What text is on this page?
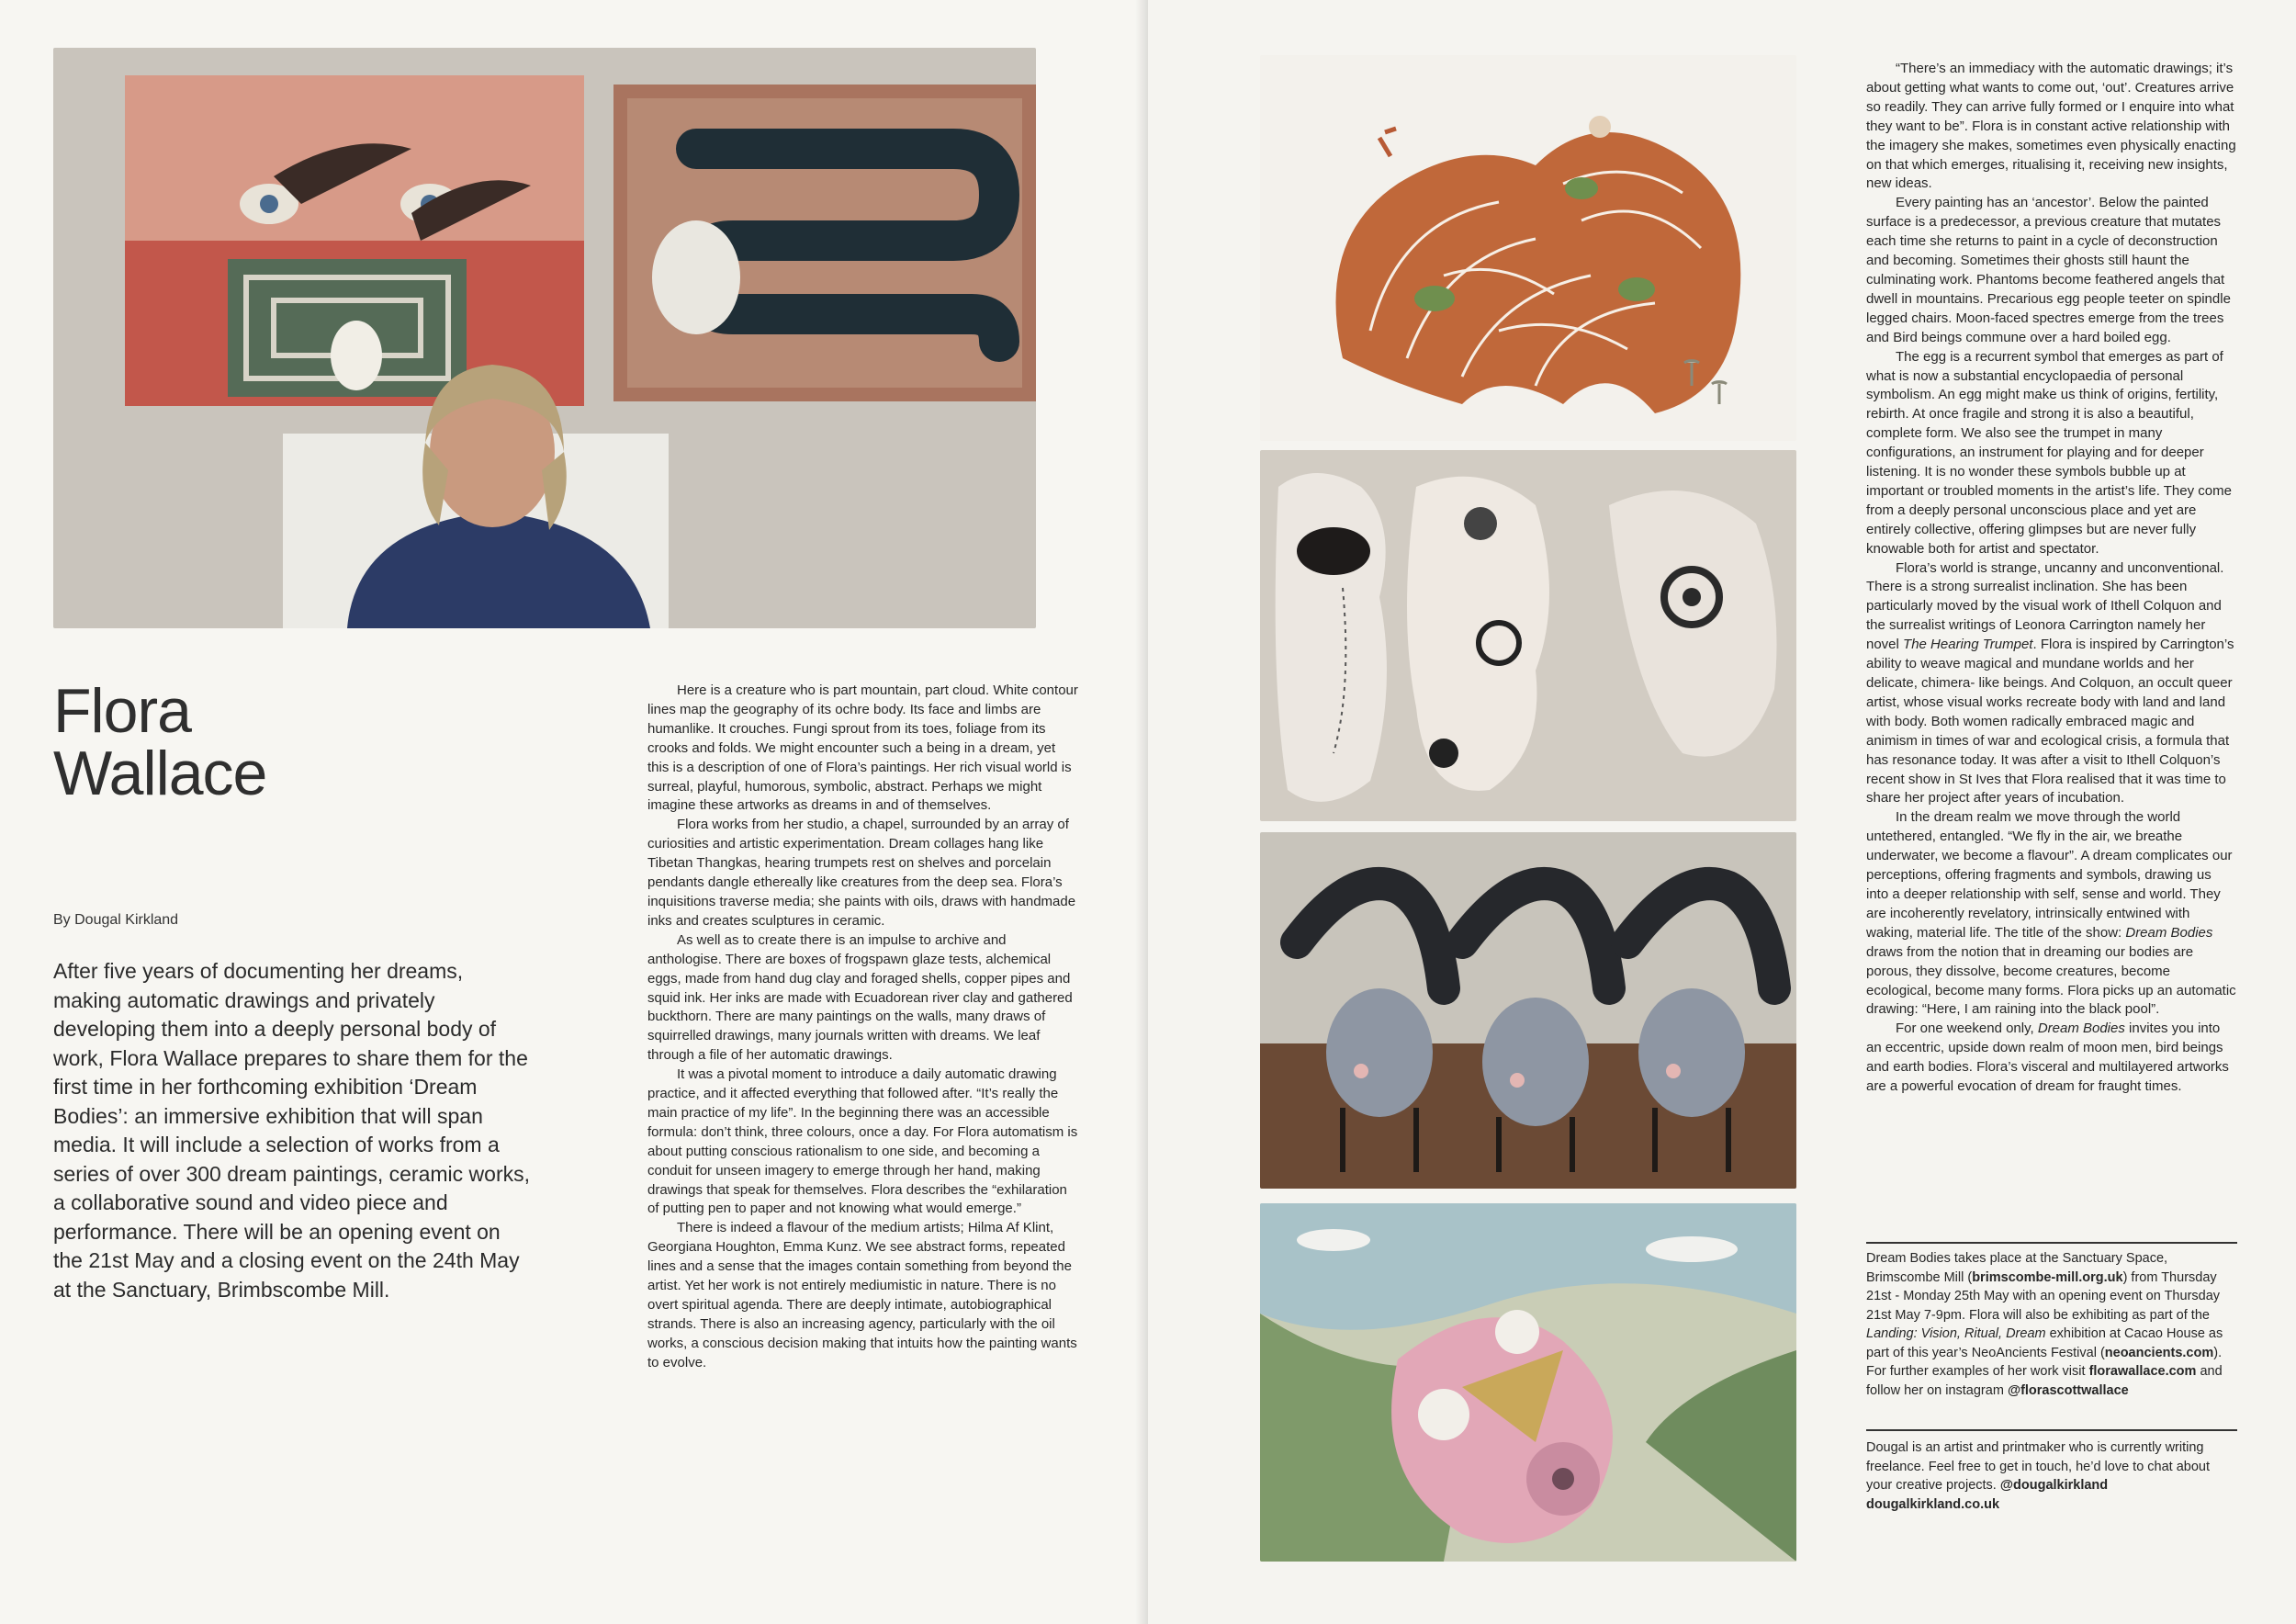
Flora
Wallace
By Dougal Kirkland
After five years of documenting her dreams, making automatic drawings and privately developing them into a deeply personal body of work, Flora Wallace prepares to share them for the first time in her forthcoming exhibition ‘Dream Bodies’: an immersive exhibition that will span media. It will include a selection of works from a series of over 300 dream paintings, ceramic works, a collaborative sound and video piece and performance. There will be an opening event on the 21st May and a closing event on the 24th May at the Sanctuary, Brimbscombe Mill.

Here is a creature who is part mountain, part cloud. White contour lines map the geography of its ochre body. Its face and limbs are humanlike. It crouches. Fungi sprout from its toes, foliage from its crooks and folds. We might encounter such a being in a dream, yet this is a description of one of Flora’s paintings. Her rich visual world is surreal, playful, humorous, symbolic, abstract. Perhaps we might imagine these artworks as dreams in and of themselves.

Flora works from her studio, a chapel, surrounded by an array of curiosities and artistic experimentation. Dream collages hang like Tibetan Thangkas, hearing trumpets rest on shelves and porcelain pendants dangle ethereally like creatures from the deep sea. Flora’s inquisitions traverse media; she paints with oils, draws with handmade inks and creates sculptures in ceramic.

As well as to create there is an impulse to archive and anthologise. There are boxes of frogspawn glaze tests, alchemical eggs, made from hand dug clay and foraged shells, copper pipes and squid ink. Her inks are made with Ecuadorean river clay and gathered buckthorn. There are many paintings on the walls, many draws of squirrelled drawings, many journals written with dreams. We leaf through a file of her automatic drawings.

It was a pivotal moment to introduce a daily automatic drawing practice, and it affected everything that followed after. “It’s really the main practice of my life”. In the beginning there was an accessible formula: don’t think, three colours, once a day. For Flora automatism is about putting conscious rationalism to one side, and becoming a conduit for unseen imagery to emerge through her hand, making drawings that speak for themselves. Flora describes the “exhilaration of putting pen to paper and not knowing what would emerge.”

There is indeed a flavour of the medium artists; Hilma Af Klint, Georgiana Houghton, Emma Kunz. We see abstract forms, repeated lines and a sense that the images contain something from beyond the artist. Yet her work is not entirely mediumistic in nature. There is no overt spiritual agenda. There are deeply intimate, autobiographical strands. There is also an increasing agency, particularly with the oil works, a conscious decision making that intuits how the painting wants to evolve.

“There’s an immediacy with the automatic drawings; it’s about getting what wants to come out, ‘out’. Creatures arrive so readily. They can arrive fully formed or I enquire into what they want to be”. Flora is in constant active relationship with the imagery she makes, sometimes even physically enacting on that which emerges, ritualising it, receiving new insights, new ideas.

Every painting has an ‘ancestor’. Below the painted surface is a predecessor, a previous creature that mutates each time she returns to paint in a cycle of deconstruction and becoming. Sometimes their ghosts still haunt the culminating work. Phantoms become feathered angels that dwell in mountains. Precarious egg people teeter on spindle legged chairs. Moon-faced spectres emerge from the trees and Bird beings commune over a hard boiled egg.

The egg is a recurrent symbol that emerges as part of what is now a substantial encyclopaedia of personal symbolism. An egg might make us think of origins, fertility, rebirth. At once fragile and strong it is also a beautiful, complete form. We also see the trumpet in many configurations, an instrument for playing and for deeper listening. It is no wonder these symbols bubble up at important or troubled moments in the artist’s life. They come from a deeply personal unconscious place and yet are entirely collective, offering glimpses but are never fully knowable both for artist and spectator.

Flora’s world is strange, uncanny and unconventional. There is a strong surrealist inclination. She has been particularly moved by the visual work of Ithell Colquon and the surrealist writings of Leonora Carrington namely her novel The Hearing Trumpet. Flora is inspired by Carrington’s ability to weave magical and mundane worlds and her delicate, chimera- like beings. And Colquon, an occult queer artist, whose visual works recreate body with land and land with body. Both women radically embraced magic and animism in times of war and ecological crisis, a formula that has resonance today. It was after a visit to Ithell Colquon’s recent show in St Ives that Flora realised that it was time to share her project after years of incubation.

In the dream realm we move through the world untethered, entangled. “We fly in the air, we breathe underwater, we become a flavour”. A dream complicates our perceptions, offering fragments and symbols, drawing us into a deeper relationship with self, sense and world. They are incoherently revelatory, intrinsically entwined with waking, material life. The title of the show: Dream Bodies draws from the notion that in dreaming our bodies are porous, they dissolve, become creatures, become ecological, become many forms. Flora picks up an automatic drawing: “Here, I am raining into the black pool”.

For one weekend only, Dream Bodies invites you into an eccentric, upside down realm of moon men, bird beings and earth bodies. Flora’s visceral and multilayered artworks are a powerful evocation of dream for fraught times.

Dream Bodies takes place at the Sanctuary Space, Brimscombe Mill (brimscombe-mill.org.uk) from Thursday 21st - Monday 25th May with an opening event on Thursday 21st May 7-9pm. Flora will also be exhibiting as part of the Landing: Vision, Ritual, Dream exhibition at Cacao House as part of this year’s NeoAncients Festival (neoancients.com). For further examples of her work visit florawallace.com and follow her on instagram @florascottwallace
Dougal is an artist and printmaker who is currently writing freelance. Feel free to get in touch, he’d love to chat about your creative projects. @dougalkirkland dougalkirkland.co.uk
